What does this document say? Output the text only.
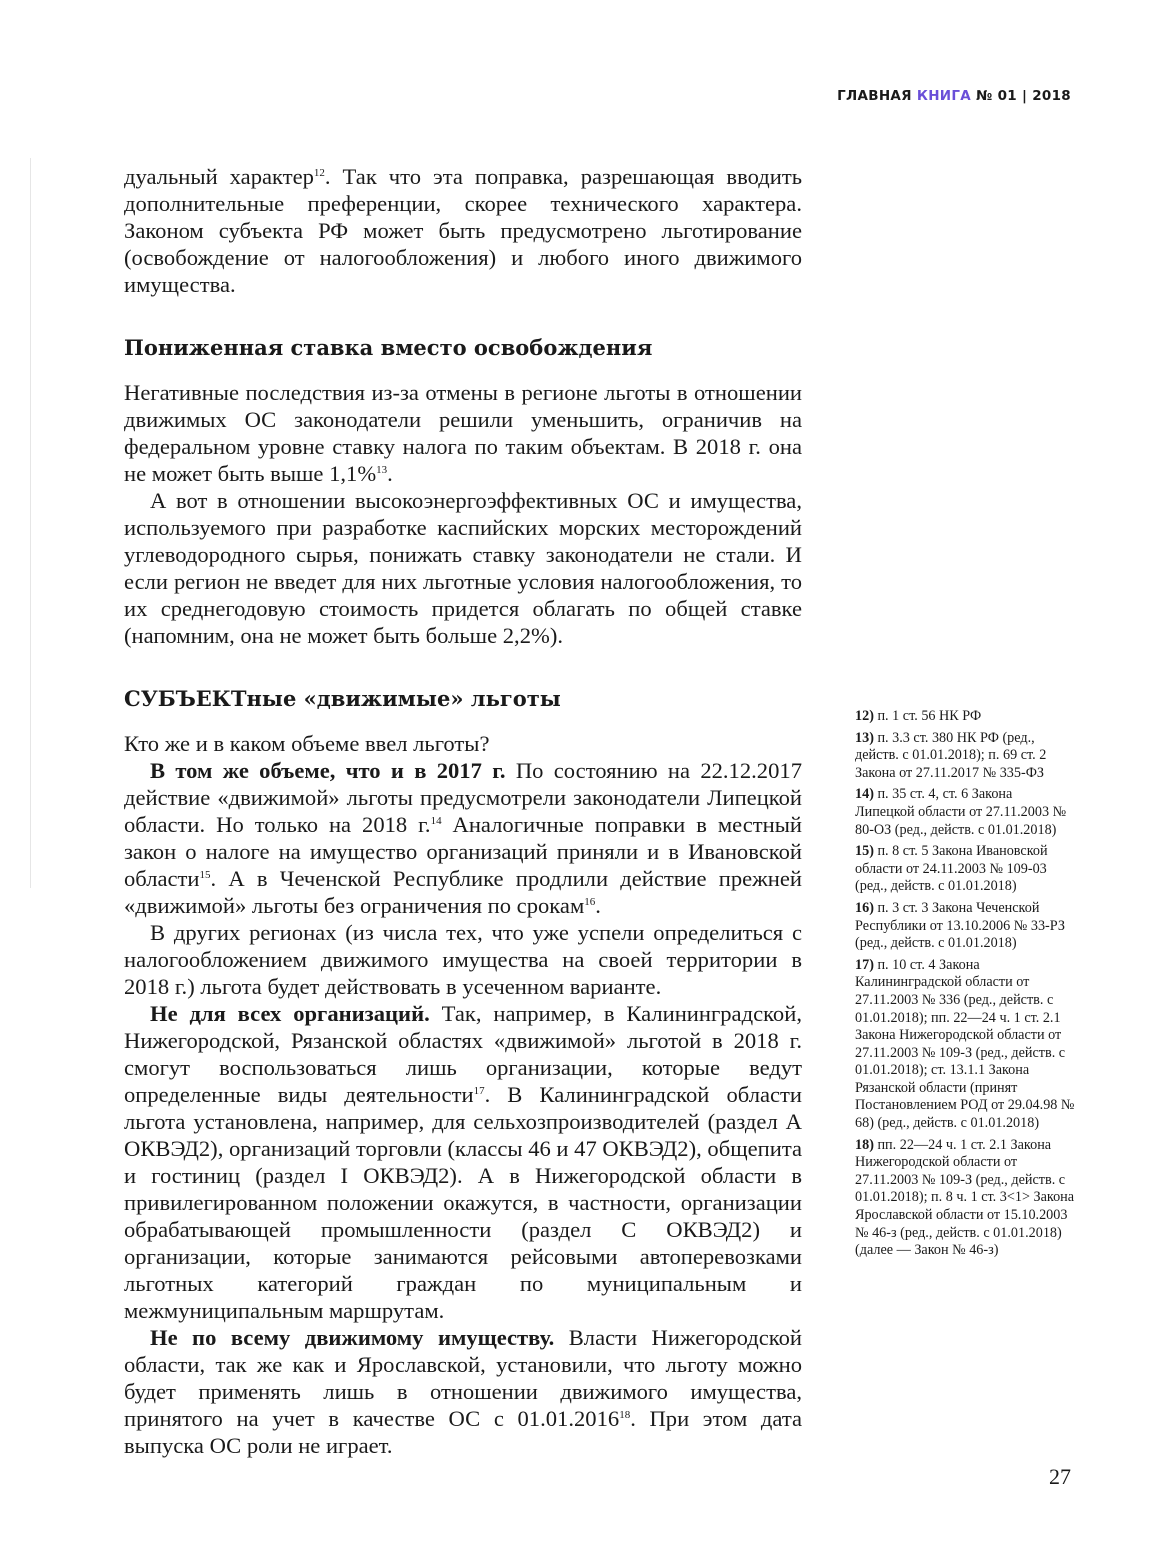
ГЛАВНАЯ КНИГА № 01 | 2018

дуальный характер$^{12}$. Так что эта поправка, разрешающая вводить дополнительные преференции, скорее технического характера. Законом субъекта РФ может быть предусмотрено льготирование (освобождение от налогообложения) и любого иного движимого имущества.

Пониженная ставка вместо освобождения

Негативные последствия из-за отмены в регионе льготы в отношении движимых ОС законодатели решили уменьшить, ограничив на федеральном уровне ставку налога по таким объектам. В 2018 г. она не может быть выше 1,1%$^{13}$.

А вот в отношении высокоэнергоэффективных ОС и имущества, используемого при разработке каспийских морских месторождений углеводородного сырья, понижать ставку законодатели не стали. И если регион не введет для них льготные условия налогообложения, то их среднегодовую стоимость придется облагать по общей ставке (напомним, она не может быть больше 2,2%).

СУБЪЕКТные «движимые» льготы

Кто же и в каком объеме ввел льготы?

В том же объеме, что и в 2017 г. По состоянию на 22.12.2017 действие «движимой» льготы предусмотрели законодатели Липецкой области. Но только на 2018 г.$^{14}$ Аналогичные поправки в местный закон о налоге на имущество организаций приняли и в Ивановской области$^{15}$. А в Чеченской Республике продлили действие прежней «движимой» льготы без ограничения по срокам$^{16}$.

В других регионах (из числа тех, что уже успели определиться с налогообложением движимого имущества на своей территории в 2018 г.) льгота будет действовать в усеченном варианте.

Не для всех организаций. Так, например, в Калининградской, Нижегородской, Рязанской областях «движимой» льготой в 2018 г. смогут воспользоваться лишь организации, которые ведут определенные виды деятельности$^{17}$. В Калининградской области льгота установлена, например, для сельхозпроизводителей (раздел А ОКВЭД2), организаций торговли (классы 46 и 47 ОКВЭД2), общепита и гостиниц (раздел I ОКВЭД2). А в Нижегородской области в привилегированном положении окажутся, в частности, организации обрабатывающей промышленности (раздел С ОКВЭД2) и организации, которые занимаются рейсовыми автоперевозками льготных категорий граждан по муниципальным и межмуниципальным маршрутам.

Не по всему движимому имуществу. Власти Нижегородской области, так же как и Ярославской, установили, что льготу можно будет применять лишь в отношении движимого имущества, принятого на учет в качестве ОС с 01.01.2016$^{18}$. При этом дата выпуска ОС роли не играет.

12) п. 1 ст. 56 НК РФ
13) п. 3.3 ст. 380 НК РФ (ред., действ. с 01.01.2018); п. 69 ст. 2 Закона от 27.11.2017 № 335-ФЗ
14) п. 35 ст. 4, ст. 6 Закона Липецкой области от 27.11.2003 № 80-ОЗ (ред., действ. с 01.01.2018)
15) п. 8 ст. 5 Закона Ивановской области от 24.11.2003 № 109-03 (ред., действ. с 01.01.2018)
16) п. 3 ст. 3 Закона Чеченской Республики от 13.10.2006 № 33-РЗ (ред., действ. с 01.01.2018)
17) п. 10 ст. 4 Закона Калининградской области от 27.11.2003 № 336 (ред., действ. с 01.01.2018); пп. 22—24 ч. 1 ст. 2.1 Закона Нижегородской области от 27.11.2003 № 109-З (ред., действ. с 01.01.2018); ст. 13.1.1 Закона Рязанской области (принят Постановлением РОД от 29.04.98 № 68) (ред., действ. с 01.01.2018)
18) пп. 22—24 ч. 1 ст. 2.1 Закона Нижегородской области от 27.11.2003 № 109-З (ред., действ. с 01.01.2018); п. 8 ч. 1 ст. 3<1> Закона Ярославской области от 15.10.2003 № 46-з (ред., действ. с 01.01.2018) (далее — Закон № 46-з)
27
